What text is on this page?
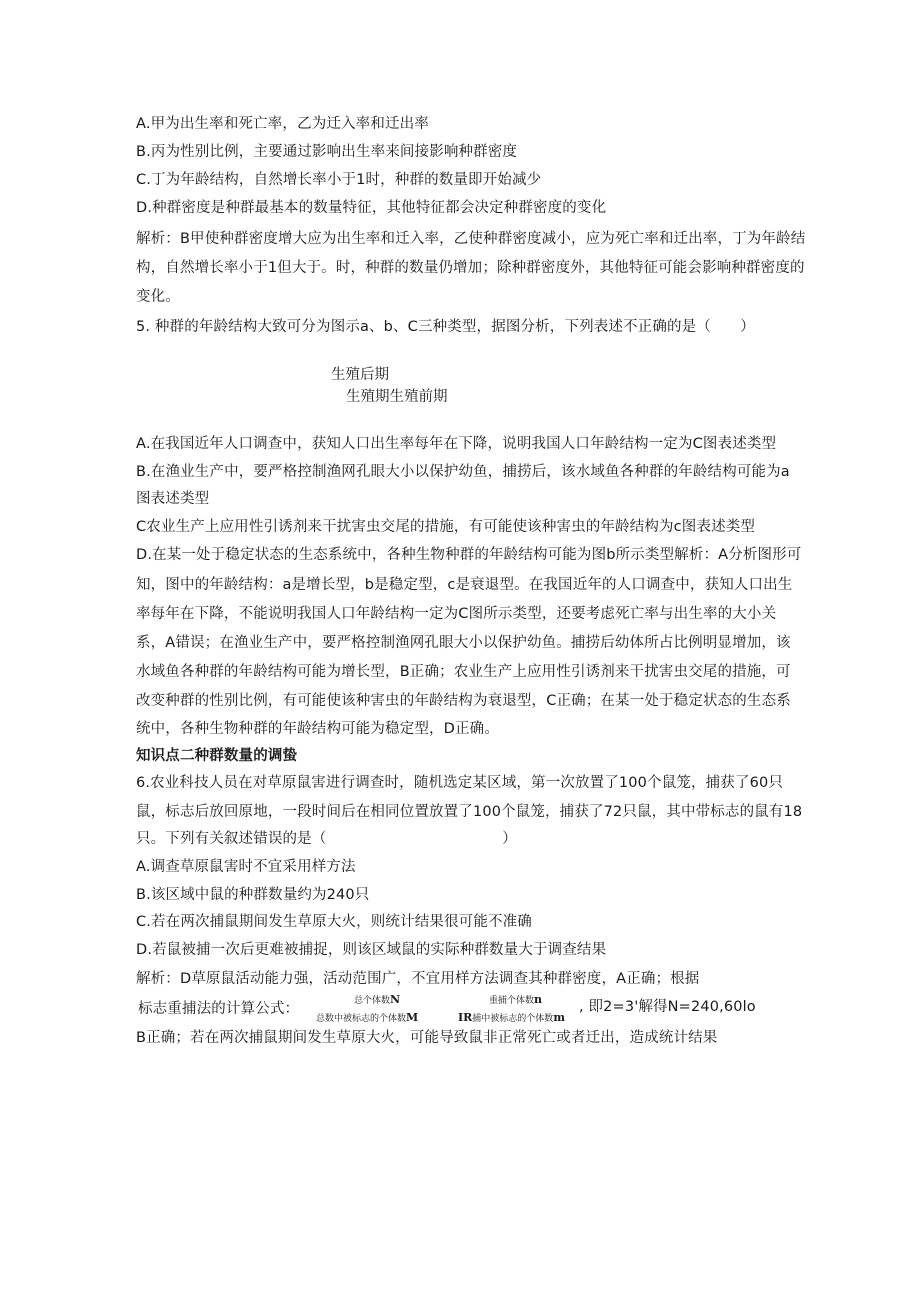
A.甲为出生率和死亡率，乙为迁入率和迁出率
B.丙为性别比例，主要通过影响出生率来间接影响种群密度
C.丁为年龄结构，自然增长率小于1时，种群的数量即开始减少
D.种群密度是种群最基本的数量特征，其他特征都会决定种群密度的变化
解析：B甲使种群密度增大应为出生率和迁入率，乙使种群密度减小，应为死亡率和迁出率，丁为年龄结
构，自然增长率小于1但大于。时，种群的数量仍增加；除种群密度外，其他特征可能会影响种群密度的
变化。
5. 种群的年龄结构大致可分为图示a、b、C三种类型，据图分析，下列表述不正确的是（　　）
生殖后期
生殖期生殖前期
A.在我国近年人口调查中，获知人口出生率每年在下降，说明我国人口年龄结构一定为C图表述类型
B.在渔业生产中，要严格控制渔网孔眼大小以保护幼鱼，捕捞后，该水域鱼各种群的年龄结构可能为a
图表述类型
C农业生产上应用性引诱剂来干扰害虫交尾的措施，有可能使该种害虫的年龄结构为c图表述类型
D.在某一处于稳定状态的生态系统中，各种生物种群的年龄结构可能为图b所示类型解析：A分析图形可
知，图中的年龄结构：a是增长型，b是稳定型，c是衰退型。在我国近年的人口调查中，获知人口出生
率每年在下降，不能说明我国人口年龄结构一定为C图所示类型，还要考虑死亡率与出生率的大小关
系，A错误；在渔业生产中，要严格控制渔网孔眼大小以保护幼鱼。捕捞后幼体所占比例明显增加，该
水域鱼各种群的年龄结构可能为增长型，B正确；农业生产上应用性引诱剂来干扰害虫交尾的措施，可
改变种群的性别比例，有可能使该种害虫的年龄结构为衰退型，C正确；在某一处于稳定状态的生态系
统中，各种生物种群的年龄结构可能为稳定型，D正确。
知识点二种群数量的调蛰
6.农业科技人员在对草原鼠害进行调查时，随机选定某区域，第一次放置了100个鼠笼，捕获了60只
鼠，标志后放回原地，一段时间后在相同位置放置了100个鼠笼，捕获了72只鼠，其中带标志的鼠有18
只。下列有关叙述错误的是（　　　　　　　　　　　　）
A.调查草原鼠害时不宜采用样方法
B.该区域中鼠的种群数量约为240只
C.若在两次捕鼠期间发生草原大火，则统计结果很可能不准确
D.若鼠被捕一次后更难被捕捉，则该区域鼠的实际种群数量大于调查结果
解析：D草原鼠活动能力强，活动范围广，不宜用样方法调查其种群密度，A正确；根据
标志重捕法的计算公式：	总个体数N
总数中被标志的个体数M
重捕个体数n
IR捕中被标志的个体数m
, 即2=3'解得N=240,60lo
B正确；若在两次捕鼠期间发生草原大火，可能导致鼠非正常死亡或者迁出，造成统计结果
